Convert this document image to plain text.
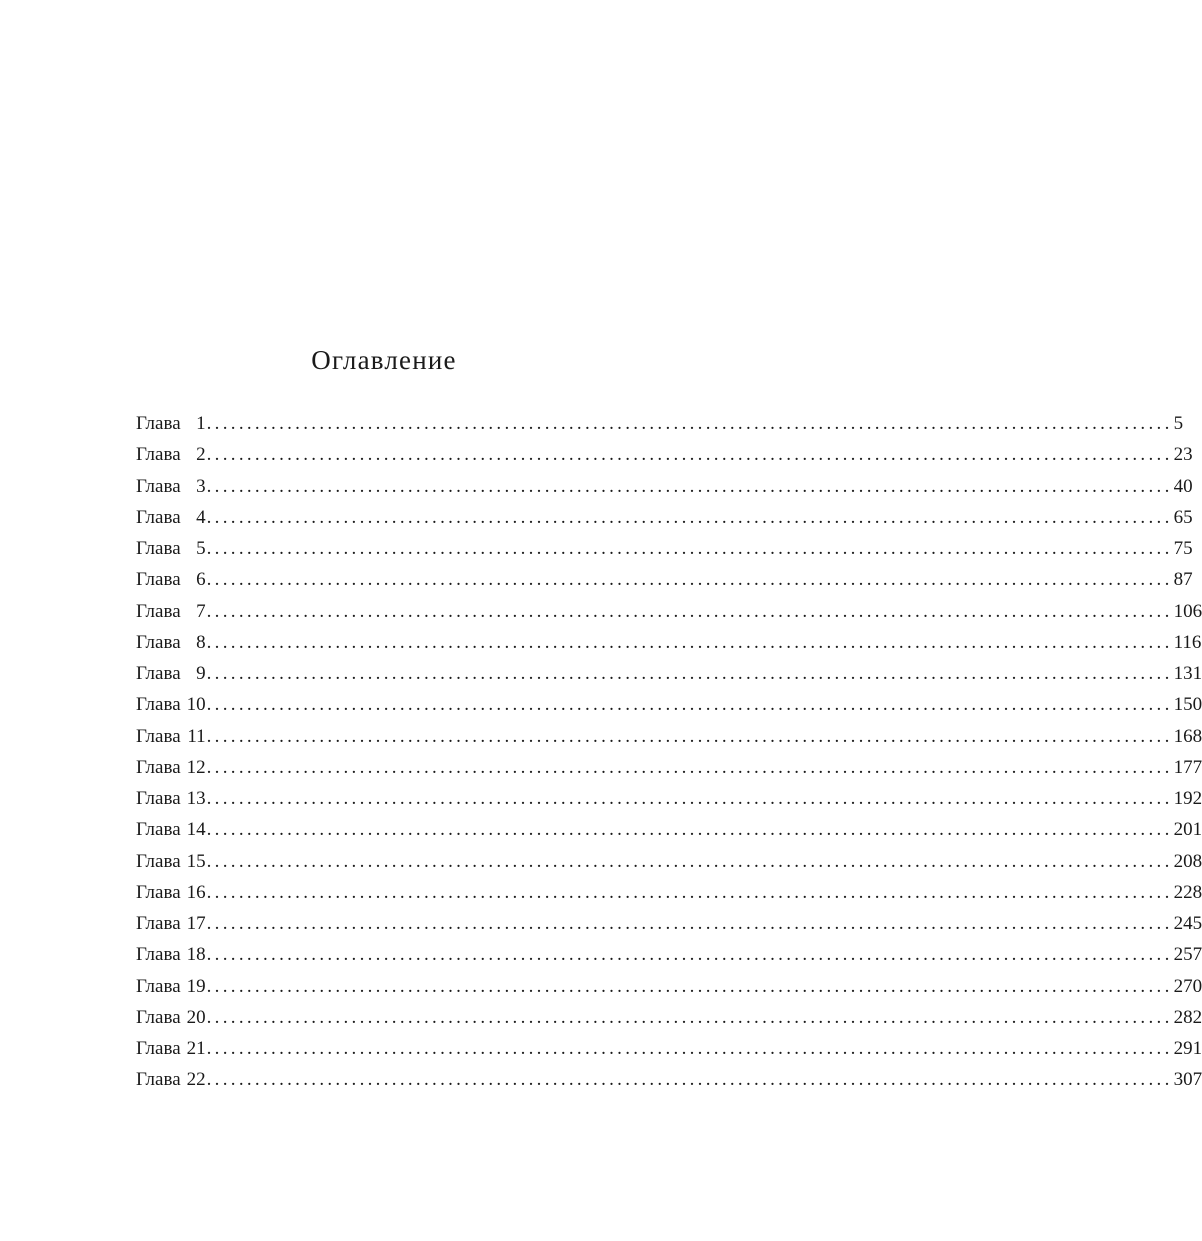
Оглавление
Глава 1 ........................................................................................................................ 5
Глава 2 ........................................................................................................................ 23
Глава 3 ........................................................................................................................ 40
Глава 4 ........................................................................................................................ 65
Глава 5 ........................................................................................................................ 75
Глава 6 ........................................................................................................................ 87
Глава 7 ........................................................................................................................ 106
Глава 8 ........................................................................................................................ 116
Глава 9 ........................................................................................................................ 131
Глава 10 ........................................................................................................................ 150
Глава 11 ........................................................................................................................ 168
Глава 12 ........................................................................................................................ 177
Глава 13 ........................................................................................................................ 192
Глава 14 ........................................................................................................................ 201
Глава 15 ........................................................................................................................ 208
Глава 16 ........................................................................................................................ 228
Глава 17 ........................................................................................................................ 245
Глава 18 ........................................................................................................................ 257
Глава 19 ........................................................................................................................ 270
Глава 20 ........................................................................................................................ 282
Глава 21 ........................................................................................................................ 291
Глава 22 ........................................................................................................................ 307
